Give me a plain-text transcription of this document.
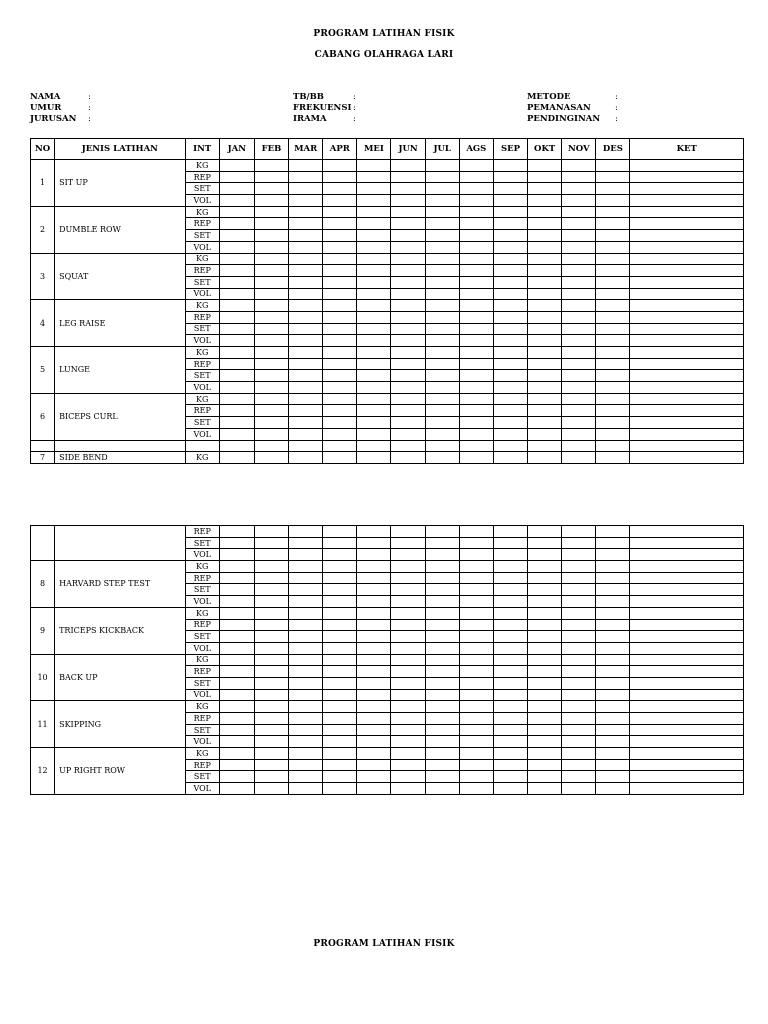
PROGRAM LATIHAN FISIK
CABANG OLAHRAGA LARI
NAMA	:
UMUR	:
JURUSAN :
TB/BB	:
FREKUENSI :
IRAMA	:
METODE	:
PEMANASAN	:
PENDINGINAN :
NO	JENIS LATIHAN	INT	JAN	FEB	MAR	APR	MEI	JUN	JUL	AGS	SEP	OKT	NOV	DES	KET
1	SIT UP	KG													
		REP													
		SET													
		VOL													
2	DUMBLE ROW	KG													
		REP													
		SET													
		VOL													
3	SQUAT	KG													
		REP													
		SET													
		VOL													
4	LEG RAISE	KG													
		REP													
		SET													
		VOL													
5	LUNGE	KG													
		REP													
		SET													
		VOL													
6	BICEPS CURL	KG													
		REP													
		SET													
		VOL													

7	SIDE BEND	KG													
		REP													
		SET													
		VOL													
8	HARVARD STEP TEST	KG													
		REP													
		SET													
		VOL													
9	TRICEPS KICKBACK	KG													
		REP													
		SET													
		VOL													
10	BACK UP	KG													
		REP													
		SET													
		VOL													
11	SKIPPING	KG													
		REP													
		SET													
		VOL													
12	UP RIGHT ROW	KG													
		REP													
		SET													
		VOL													
PROGRAM LATIHAN FISIK
